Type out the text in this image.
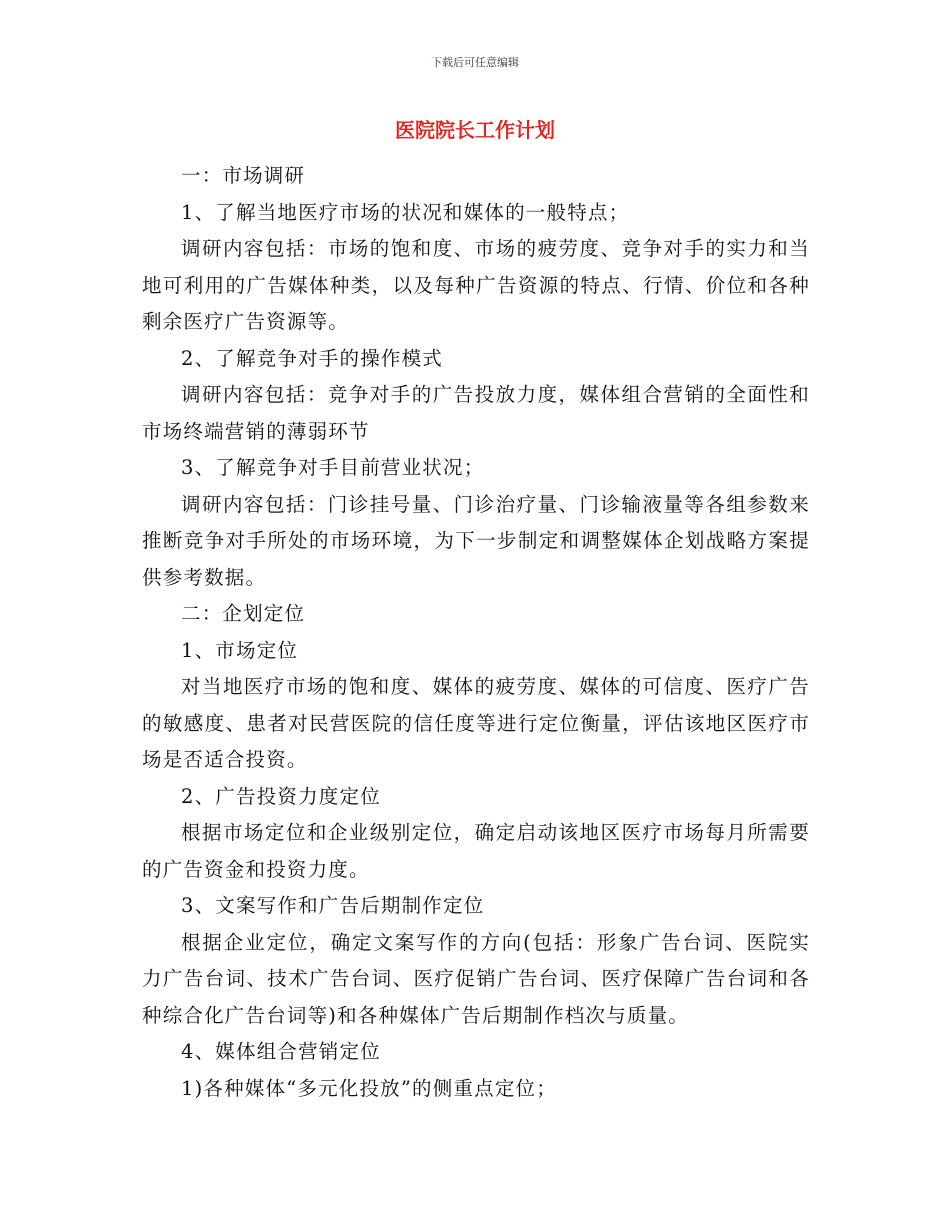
下载后可任意编辑
医院院长工作计划

一：市场调研

1、了解当地医疗市场的状况和媒体的一般特点；

调研内容包括：市场的饱和度、市场的疲劳度、竞争对手的实力和当地可利用的广告媒体种类，以及每种广告资源的特点、行情、价位和各种剩余医疗广告资源等。

2、了解竞争对手的操作模式

调研内容包括：竞争对手的广告投放力度，媒体组合营销的全面性和市场终端营销的薄弱环节

3、了解竞争对手目前营业状况；

调研内容包括：门诊挂号量、门诊治疗量、门诊输液量等各组参数来推断竞争对手所处的市场环境，为下一步制定和调整媒体企划战略方案提供参考数据。

二：企划定位

1、市场定位

对当地医疗市场的饱和度、媒体的疲劳度、媒体的可信度、医疗广告的敏感度、患者对民营医院的信任度等进行定位衡量，评估该地区医疗市场是否适合投资。

2、广告投资力度定位

根据市场定位和企业级别定位，确定启动该地区医疗市场每月所需要的广告资金和投资力度。

3、文案写作和广告后期制作定位

根据企业定位，确定文案写作的方向(包括：形象广告台词、医院实力广告台词、技术广告台词、医疗促销广告台词、医疗保障广告台词和各种综合化广告台词等)和各种媒体广告后期制作档次与质量。

4、媒体组合营销定位

1)各种媒体“多元化投放”的侧重点定位；
